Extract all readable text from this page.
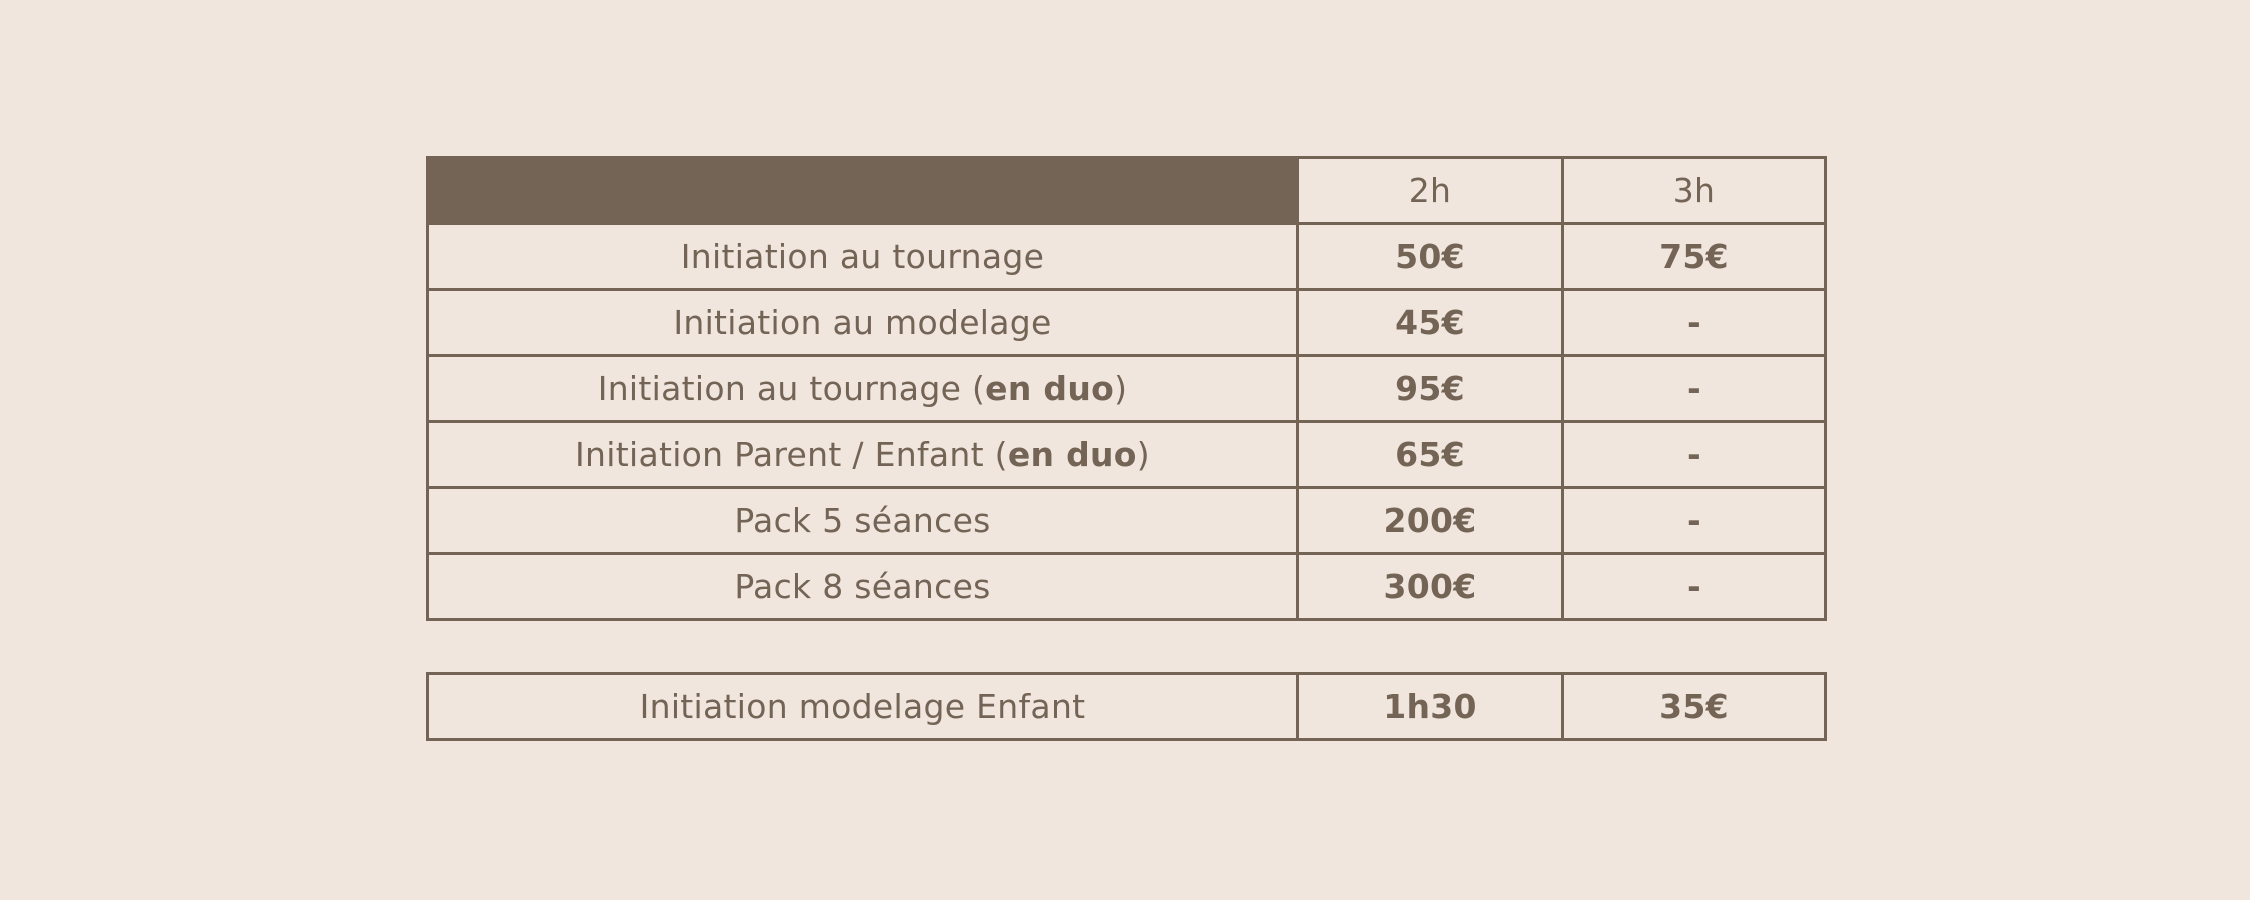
	2h	3h
Initiation au tournage	50€	75€
Initiation au modelage	45€	-
Initiation au tournage (en duo)	95€	-
Initiation Parent / Enfant (en duo)	65€	-
Pack 5 séances	200€	-
Pack 8 séances	300€	-
Initiation modelage Enfant	1h30	35€
